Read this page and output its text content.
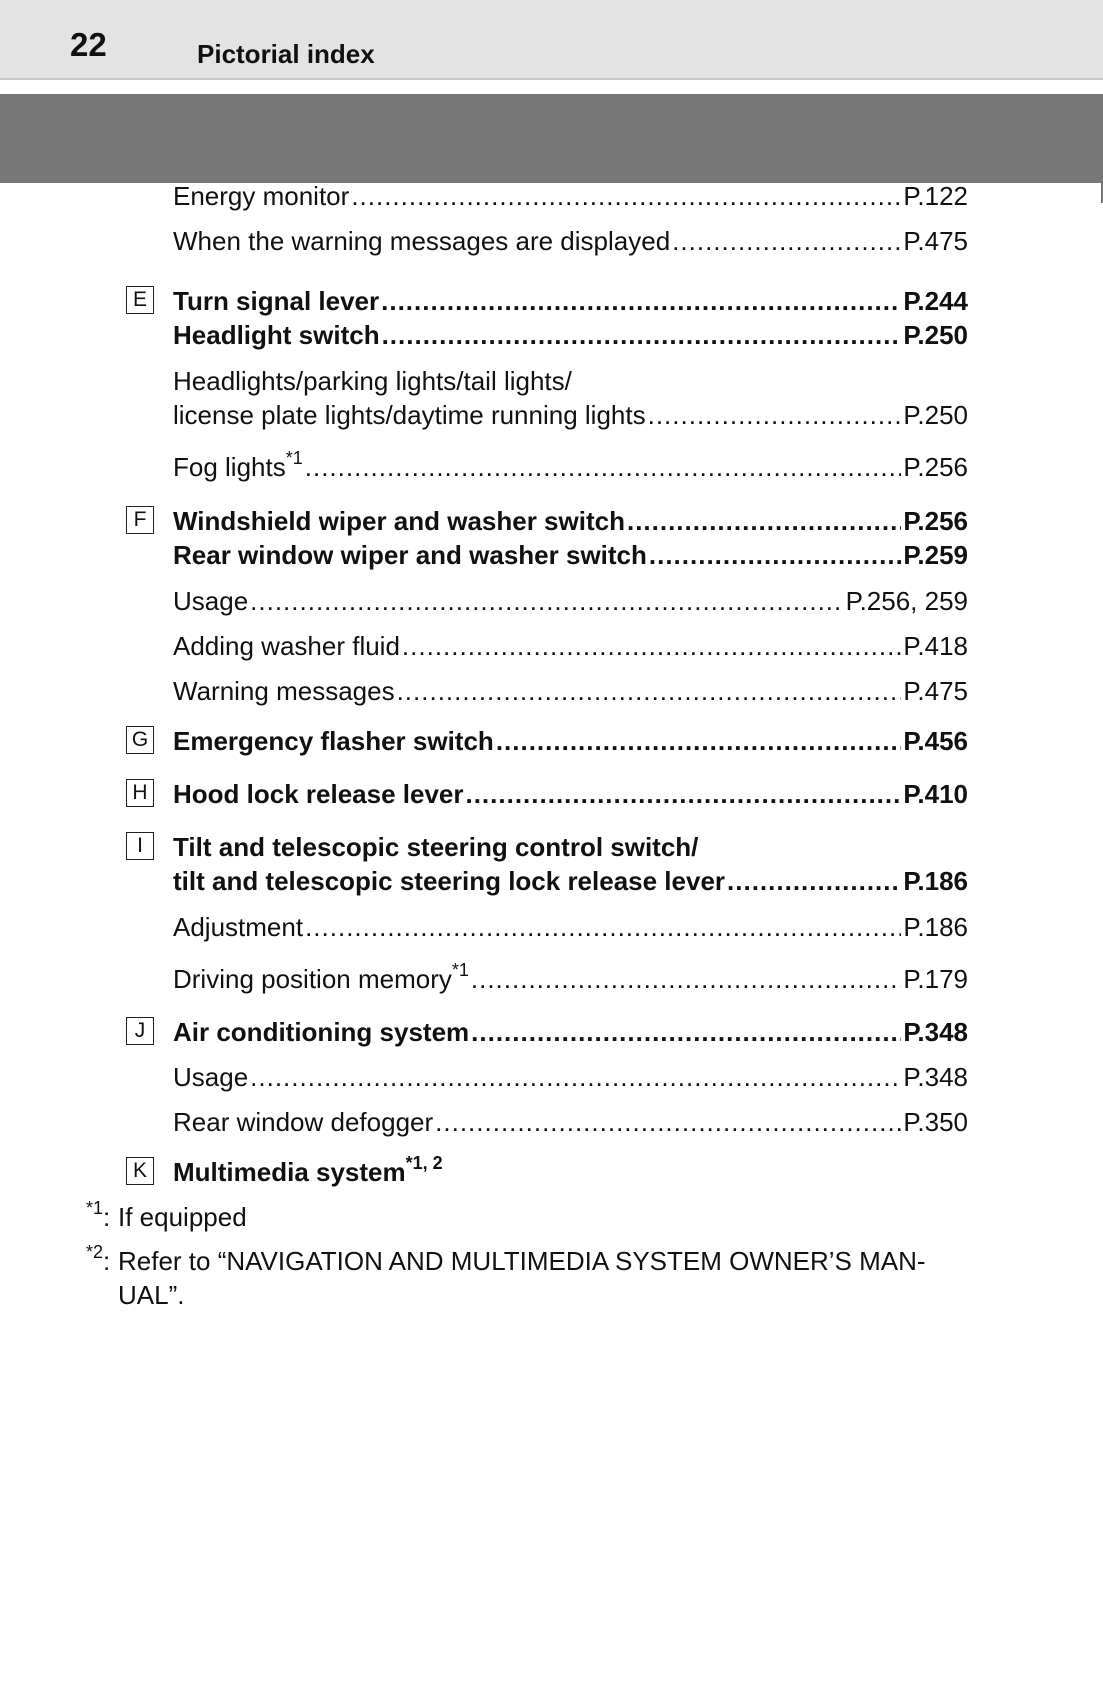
22	Pictorial index
Energy monitor .....	P.122
When the warning messages are displayed .....	P.475
E Turn signal lever .....	P.244
Headlight switch .....	P.250
Headlights/parking lights/tail lights/
license plate lights/daytime running lights .....	P.250
Fog lights$^{*1}$ .....	P.256
F Windshield wiper and washer switch .....	P.256
Rear window wiper and washer switch .....	P.259
Usage .....	P.256, 259
Adding washer fluid .....	P.418
Warning messages .....	P.475
G Emergency flasher switch .....	P.456
H Hood lock release lever .....	P.410
I	Tilt and telescopic steering control switch/
tilt and telescopic steering lock release lever .....	P.186
Adjustment .....	P.186
Driving position memory$^{*1}$ .....	P.179
J	Air conditioning system .....	P.348
Usage .....	P.348
Rear window defogger .....	P.350
K Multimedia system$^{*1, 2}$
$^{*1}$: If equipped
$^{*2}$: Refer to “NAVIGATION AND MULTIMEDIA SYSTEM OWNER’S MAN-
UAL”.
